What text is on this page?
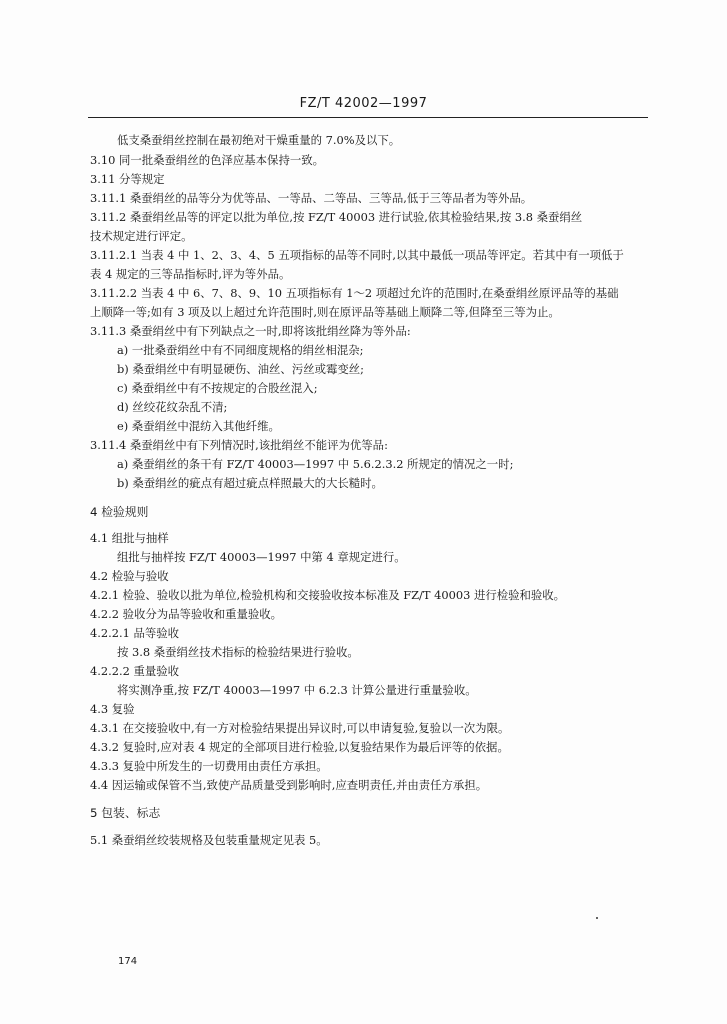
FZ/T 42002—1997
低支桑蚕绢丝控制在最初绝对干燥重量的 7.0%及以下。
3.10 同一批桑蚕绢丝的色泽应基本保持一致。
3.11 分等规定
3.11.1 桑蚕绢丝的品等分为优等品、一等品、二等品、三等品,低于三等品者为等外品。
3.11.2 桑蚕绢丝品等的评定以批为单位,按 FZ/T 40003 进行试验,依其检验结果,按 3.8 桑蚕绢丝
技术规定进行评定。
3.11.2.1 当表 4 中 1、2、3、4、5 五项指标的品等不同时,以其中最低一项品等评定。若其中有一项低于
表 4 规定的三等品指标时,评为等外品。
3.11.2.2 当表 4 中 6、7、8、9、10 五项指标有 1～2 项超过允许的范围时,在桑蚕绢丝原评品等的基础
上顺降一等;如有 3 项及以上超过允许范围时,则在原评品等基础上顺降二等,但降至三等为止。
3.11.3 桑蚕绢丝中有下列缺点之一时,即将该批绢丝降为等外品:
a) 一批桑蚕绢丝中有不同细度规格的绢丝相混杂;
b) 桑蚕绢丝中有明显硬伤、油丝、污丝或霉变丝;
c) 桑蚕绢丝中有不按规定的合股丝混入;
d) 丝绞花纹杂乱不清;
e) 桑蚕绢丝中混纺入其他纤维。
3.11.4 桑蚕绢丝中有下列情况时,该批绢丝不能评为优等品:
a) 桑蚕绢丝的条干有 FZ/T 40003—1997 中 5.6.2.3.2 所规定的情况之一时;
b) 桑蚕绢丝的疵点有超过疵点样照最大的大长糙时。
4 检验规则
4.1 组批与抽样
组批与抽样按 FZ/T 40003—1997 中第 4 章规定进行。
4.2 检验与验收
4.2.1 检验、验收以批为单位,检验机构和交接验收按本标准及 FZ/T 40003 进行检验和验收。
4.2.2 验收分为品等验收和重量验收。
4.2.2.1 品等验收
按 3.8 桑蚕绢丝技术指标的检验结果进行验收。
4.2.2.2 重量验收
将实测净重,按 FZ/T 40003—1997 中 6.2.3 计算公量进行重量验收。
4.3 复验
4.3.1 在交接验收中,有一方对检验结果提出异议时,可以申请复验,复验以一次为限。
4.3.2 复验时,应对表 4 规定的全部项目进行检验,以复验结果作为最后评等的依据。
4.3.3 复验中所发生的一切费用由责任方承担。
4.4 因运输或保管不当,致使产品质量受到影响时,应查明责任,并由责任方承担。
5 包装、标志
5.1 桑蚕绢丝绞装规格及包装重量规定见表 5。
174
